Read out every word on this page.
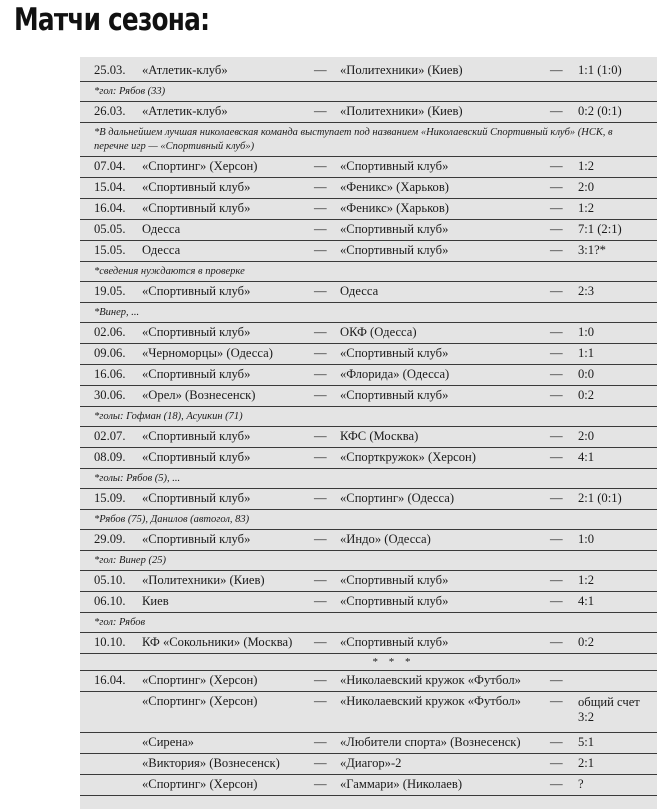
Матчи сезона:
25.03. «Атлетик-клуб»	— «Политехники» (Киев)	— 1:1 (1:0)
*гол: Рябов (33)
26.03. «Атлетик-клуб»	— «Политехники» (Киев)	— 0:2 (0:1)
*В дальнейшем лучшая николаевская команда выступает под названием «Николаевский Спортивный клуб» (НСК, в перечне игр — «Спортивный клуб»)
07.04. «Спортинг» (Херсон)	— «Спортивный клуб»	— 1:2
15.04. «Спортивный клуб»	— «Феникс» (Харьков)	— 2:0
16.04. «Спортивный клуб»	— «Феникс» (Харьков)	— 1:2
05.05. Одесса	— «Спортивный клуб»	— 7:1 (2:1)
15.05. Одесса	— «Спортивный клуб»	— 3:1?*
*сведения нуждаются в проверке
19.05. «Спортивный клуб»	— Одесса	— 2:3
*Винер, ...
02.06. «Спортивный клуб»	— ОКФ (Одесса)	— 1:0
09.06. «Черноморцы» (Одесса)	— «Спортивный клуб»	— 1:1
16.06. «Спортивный клуб»	— «Флорида» (Одесса)	— 0:0
30.06. «Орел» (Вознесенск)	— «Спортивный клуб»	— 0:2
*голы: Гофман (18), Асуикин (71)
02.07. «Спортивный клуб»	— КФС (Москва)	— 2:0
08.09. «Спортивный клуб»	— «Спорткружок» (Херсон)	— 4:1
*голы: Рябов (5), ...
15.09. «Спортивный клуб»	— «Спортинг» (Одесса)	— 2:1 (0:1)
*Рябов (75), Данилов (автогол, 83)
29.09. «Спортивный клуб»	— «Индо» (Одесса)	— 1:0
*гол: Винер (25)
05.10. «Политехники» (Киев)	— «Спортивный клуб»	— 1:2
06.10. Киев	— «Спортивный клуб»	— 4:1
*гол: Рябов
10.10. КФ «Сокольники» (Москва) — «Спортивный клуб»	— 0:2
* * *
16.04. «Спортинг» (Херсон)	— «Николаевский кружок «Футбол» —
«Спортинг» (Херсон)	— «Николаевский кружок «Футбол» — общий счет 3:2
«Сирена»	— «Любители спорта» (Вознесенск) — 5:1
«Виктория» (Вознесенск)	— «Диагор»-2	— 2:1
«Спортинг» (Херсон)	— «Гаммари» (Николаев)	— ?
